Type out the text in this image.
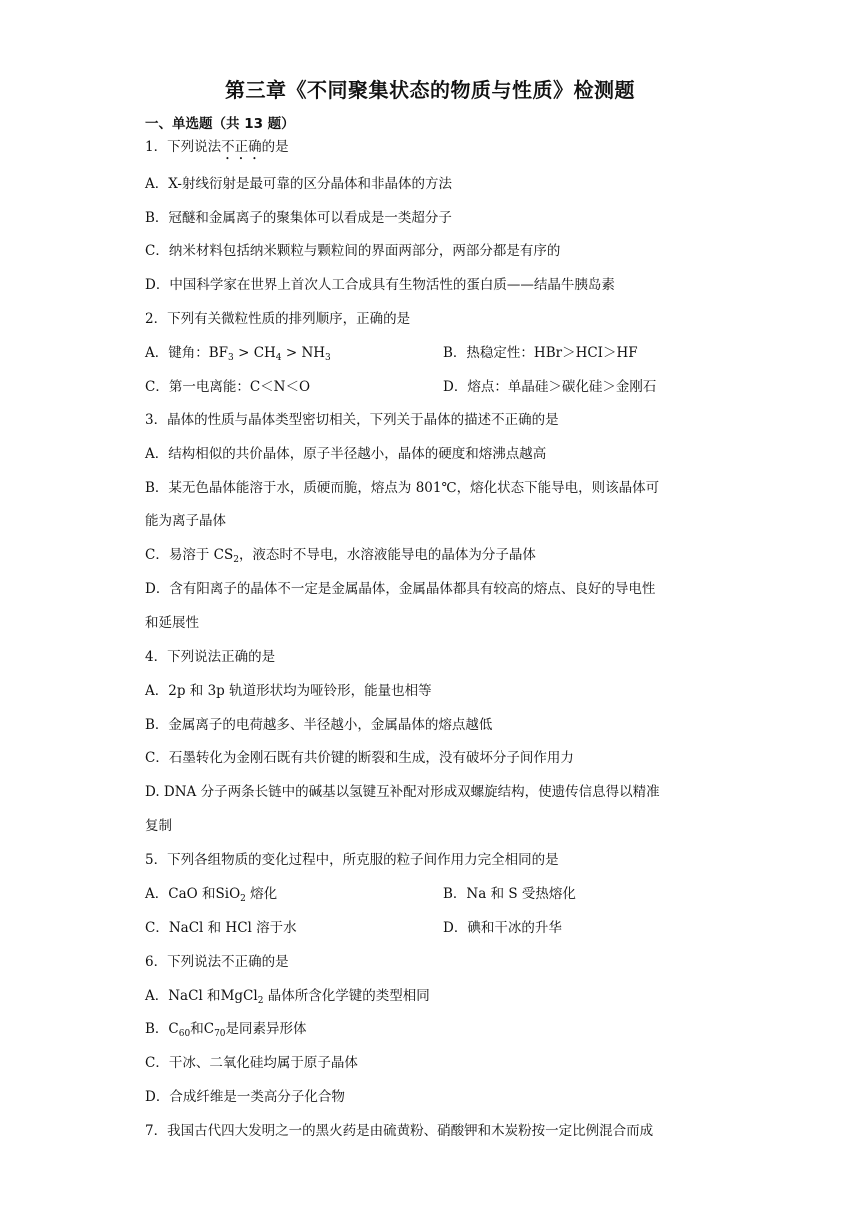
第三章《不同聚集状态的物质与性质》检测题
一、单选题（共 13 题）
1．下列说法不正确的是
A．X-射线衍射是最可靠的区分晶体和非晶体的方法
B．冠醚和金属离子的聚集体可以看成是一类超分子
C．纳米材料包括纳米颗粒与颗粒间的界面两部分，两部分都是有序的
D．中国科学家在世界上首次人工合成具有生物活性的蛋白质——结晶牛胰岛素
2．下列有关微粒性质的排列顺序，正确的是
A．键角：$BF_3 > CH_4 > NH_3$	B．热稳定性：HBr＞HCI＞HF
C．第一电离能：C＜N＜O	D．熔点：单晶硅＞碳化硅＞金刚石
3．晶体的性质与晶体类型密切相关，下列关于晶体的描述不正确的是
A．结构相似的共价晶体，原子半径越小，晶体的硬度和熔沸点越高
B．某无色晶体能溶于水，质硬而脆，熔点为 801℃，熔化状态下能导电，则该晶体可
能为离子晶体
C．易溶于 $CS_2$，液态时不导电，水溶液能导电的晶体为分子晶体
D．含有阳离子的晶体不一定是金属晶体，金属晶体都具有较高的熔点、良好的导电性
和延展性
4．下列说法正确的是
A．2p 和 3p 轨道形状均为哑铃形，能量也相等
B．金属离子的电荷越多、半径越小，金属晶体的熔点越低
C．石墨转化为金刚石既有共价键的断裂和生成，没有破坏分子间作用力
D. DNA 分子两条长链中的碱基以氢键互补配对形成双螺旋结构，使遗传信息得以精准
复制
5．下列各组物质的变化过程中，所克服的粒子间作用力完全相同的是
A．CaO 和SiO$_2$ 熔化	B．Na 和 S 受热熔化
C．NaCl 和 HCl 溶于水	D．碘和干冰的升华
6．下列说法不正确的是
A．NaCl 和MgCl$_2$ 晶体所含化学键的类型相同
B．$C_{60}$和$C_{70}$是同素异形体
C．干冰、二氧化硅均属于原子晶体
D．合成纤维是一类高分子化合物
7．我国古代四大发明之一的黑火药是由硫黄粉、硝酸钾和木炭粉按一定比例混合而成
